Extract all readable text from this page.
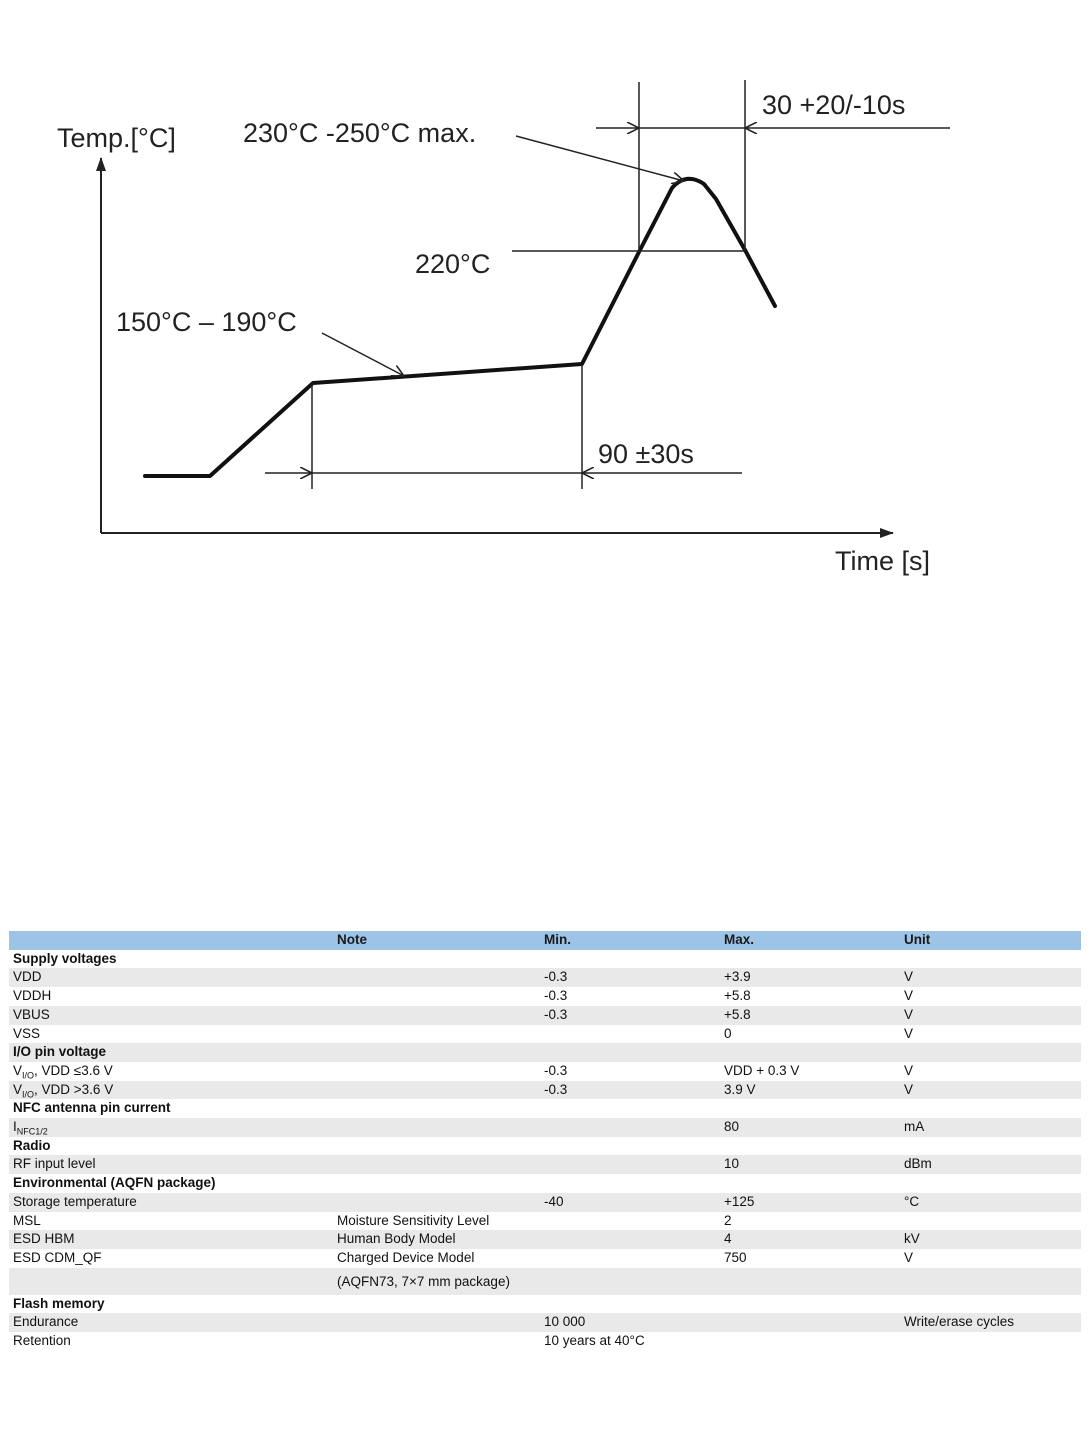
Temp.[°C]
Time [s]
230°C -250°C max.
220°C
150°C – 190°C
30 +20/-10s
90 ±30s
	Note	Min.	Max.	Unit
Supply voltages				
VDD		-0.3	+3.9	V
VDDH		-0.3	+5.8	V
VBUS		-0.3	+5.8	V
VSS			0	V
I/O pin voltage				
$V_{I/O}$, VDD ≤3.6 V		-0.3	VDD + 0.3 V	V
$V_{I/O}$, VDD >3.6 V		-0.3	3.9 V	V
NFC antenna pin current				
$I_{NFC1/2}$			80	mA
Radio				
RF input level			10	dBm
Environmental (AQFN package)				
Storage temperature		-40	+125	°C
MSL	Moisture Sensitivity Level		2	
ESD HBM	Human Body Model		4	kV
ESD CDM_QF	Charged Device Model		750	V
	(AQFN73, 7×7 mm package)			
Flash memory				
Endurance		10 000		Write/erase cycles
Retention		10 years at 40°C		
